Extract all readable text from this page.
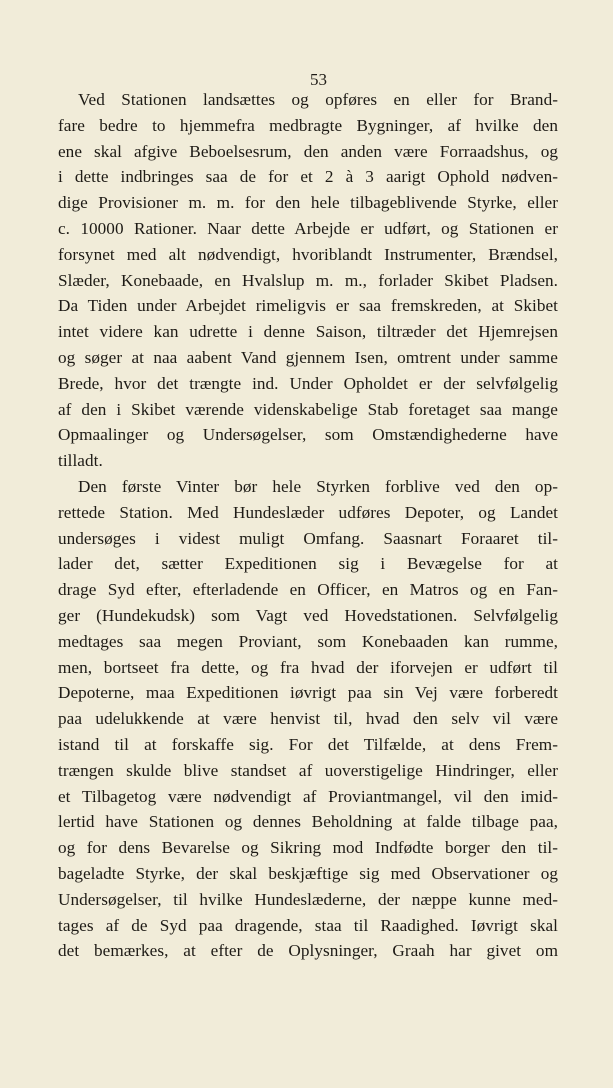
53
Ved Stationen landsættes og opføres en eller for Brand-
fare bedre to hjemmefra medbragte Bygninger, af hvilke den
ene skal afgive Beboelsesrum, den anden være Forraadshus, og
i dette indbringes saa de for et 2 à 3 aarigt Ophold nødven-
dige Provisioner m. m. for den hele tilbageblivende Styrke, eller
c. 10000 Rationer. Naar dette Arbejde er udført, og Stationen er
forsynet med alt nødvendigt, hvoriblandt Instrumenter, Brændsel,
Slæder, Konebaade, en Hvalslup m. m., forlader Skibet Pladsen.
Da Tiden under Arbejdet rimeligvis er saa fremskreden, at Skibet
intet videre kan udrette i denne Saison, tiltræder det Hjemrejsen
og søger at naa aabent Vand gjennem Isen, omtrent under samme
Brede, hvor det trængte ind. Under Opholdet er der selvfølgelig
af den i Skibet værende videnskabelige Stab foretaget saa mange
Opmaalinger og Undersøgelser, som Omstændighederne have
tilladt.
Den første Vinter bør hele Styrken forblive ved den op-
rettede Station. Med Hundeslæder udføres Depoter, og Landet
undersøges i videst muligt Omfang. Saasnart Foraaret til-
lader det, sætter Expeditionen sig i Bevægelse for at
drage Syd efter, efterladende en Officer, en Matros og en Fan-
ger (Hundekudsk) som Vagt ved Hovedstationen. Selvfølgelig
medtages saa megen Proviant, som Konebaaden kan rumme,
men, bortseet fra dette, og fra hvad der iforvejen er udført til
Depoterne, maa Expeditionen iøvrigt paa sin Vej være forberedt
paa udelukkende at være henvist til, hvad den selv vil være
istand til at forskaffe sig. For det Tilfælde, at dens Frem-
trængen skulde blive standset af uoverstigelige Hindringer, eller
et Tilbagetog være nødvendigt af Proviantmangel, vil den imid-
lertid have Stationen og dennes Beholdning at falde tilbage paa,
og for dens Bevarelse og Sikring mod Indfødte borger den til-
bageladte Styrke, der skal beskjæftige sig med Observationer og
Undersøgelser, til hvilke Hundeslæderne, der næppe kunne med-
tages af de Syd paa dragende, staa til Raadighed. Iøvrigt skal
det bemærkes, at efter de Oplysninger, Graah har givet om
